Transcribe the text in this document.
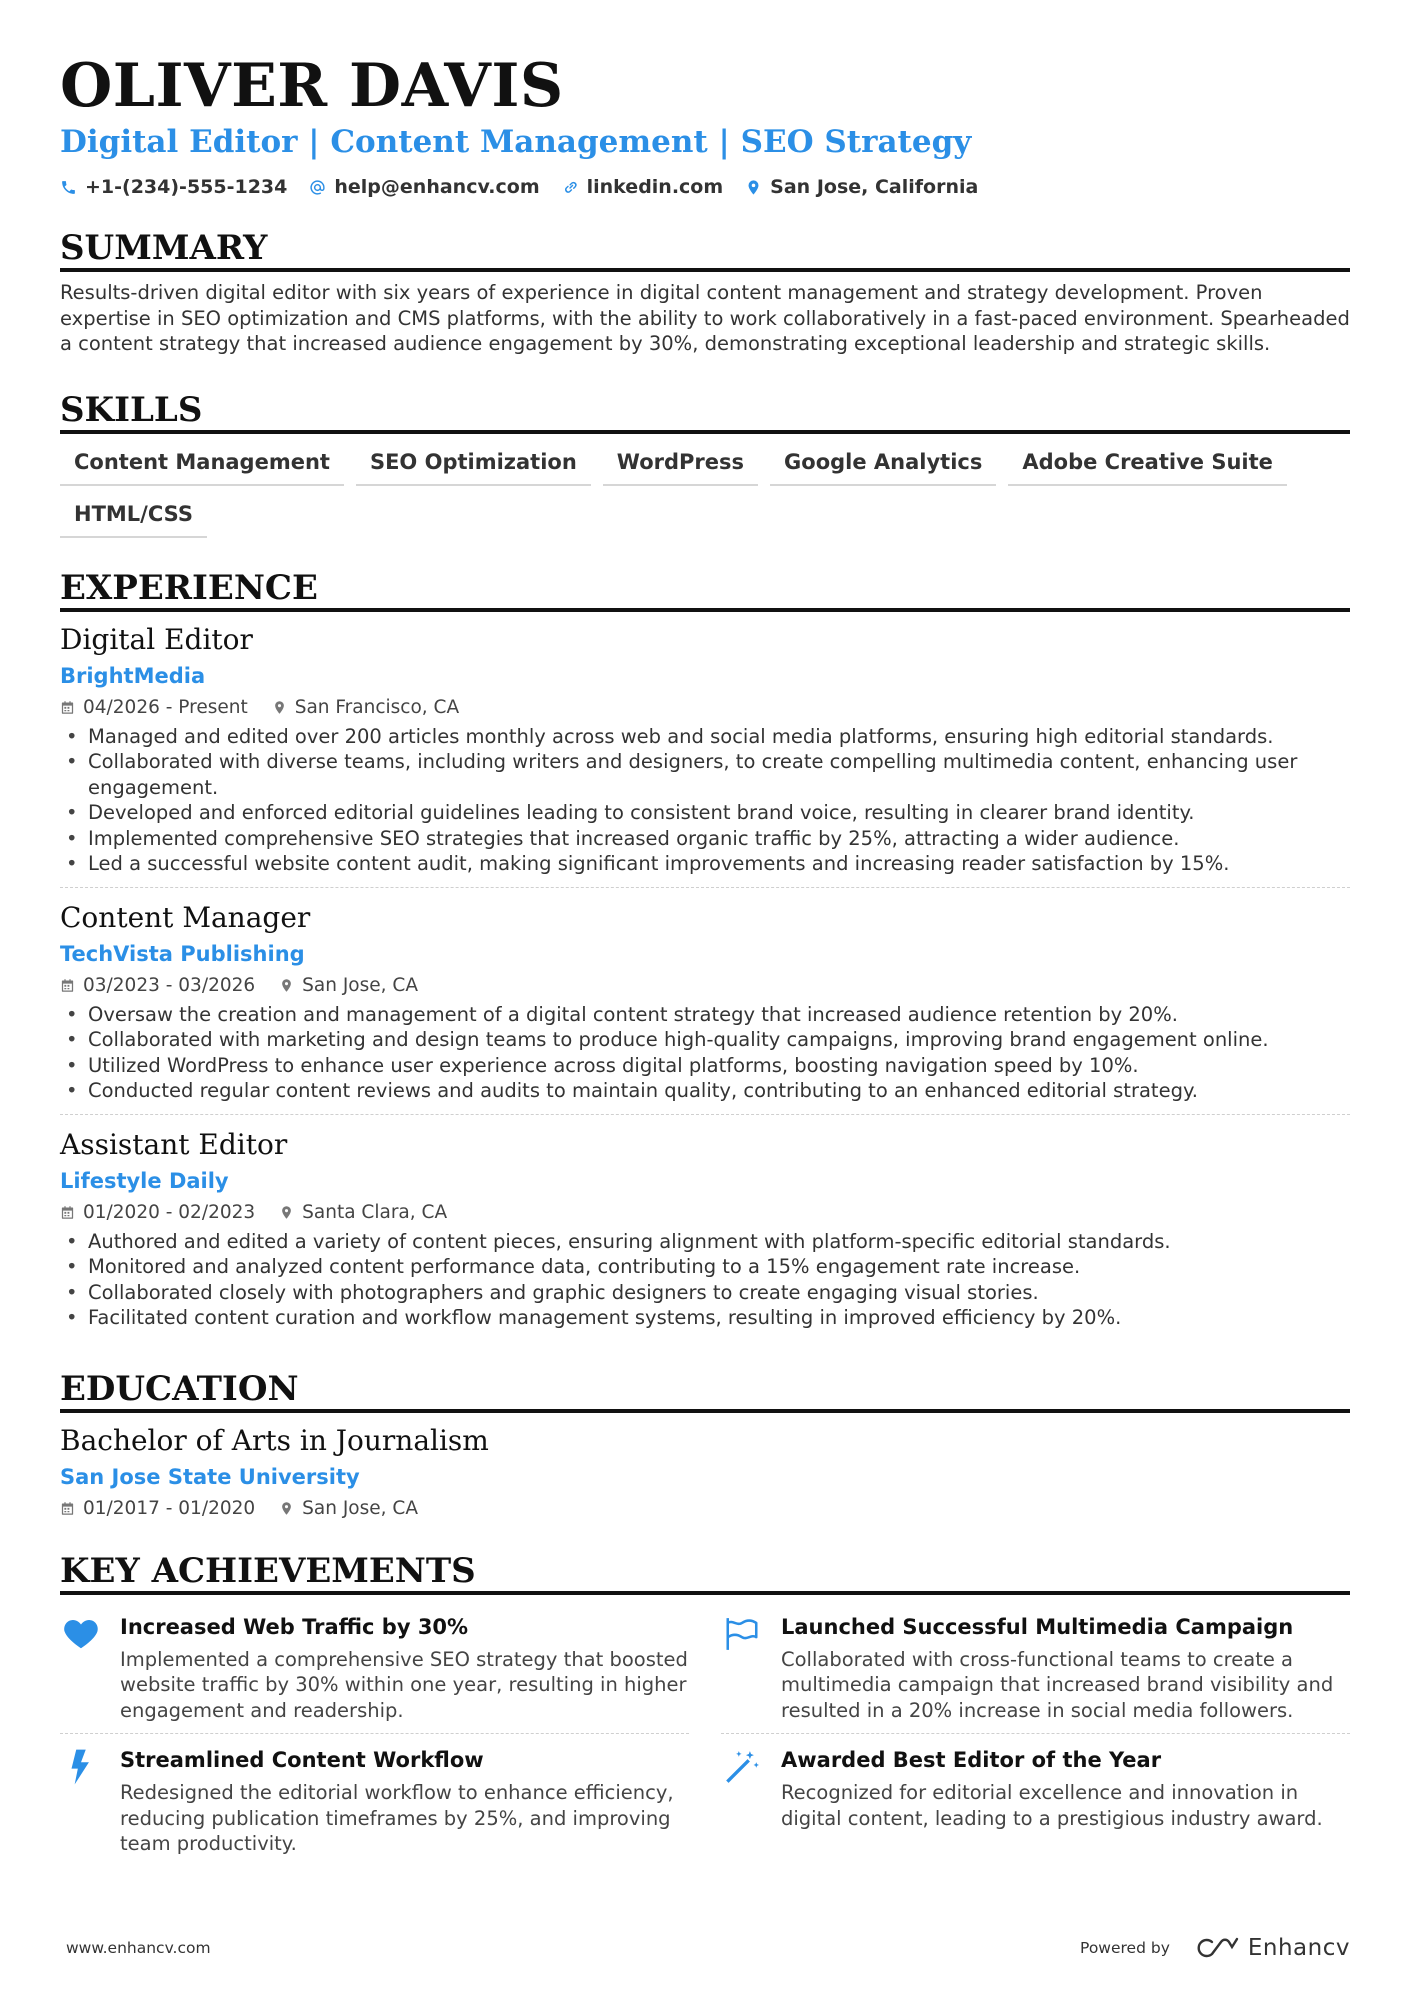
OLIVER DAVIS
Digital Editor | Content Management | SEO Strategy
+1-(234)-555-1234 help@enhancv.com linkedin.com San Jose, California
SUMMARY
Results-driven digital editor with six years of experience in digital content management and strategy development. Proven expertise in SEO optimization and CMS platforms, with the ability to work collaboratively in a fast-paced environment. Spearheaded a content strategy that increased audience engagement by 30%, demonstrating exceptional leadership and strategic skills.
SKILLS
Content Management	SEO Optimization	WordPress	Google Analytics	Adobe Creative Suite
HTML/CSS
EXPERIENCE
Digital Editor
BrightMedia
04/2026 - Present	San Francisco, CA
• Managed and edited over 200 articles monthly across web and social media platforms, ensuring high editorial standards.
• Collaborated with diverse teams, including writers and designers, to create compelling multimedia content, enhancing user engagement.
• Developed and enforced editorial guidelines leading to consistent brand voice, resulting in clearer brand identity.
• Implemented comprehensive SEO strategies that increased organic traffic by 25%, attracting a wider audience.
• Led a successful website content audit, making significant improvements and increasing reader satisfaction by 15%.
Content Manager
TechVista Publishing
03/2023 - 03/2026	San Jose, CA
• Oversaw the creation and management of a digital content strategy that increased audience retention by 20%.
• Collaborated with marketing and design teams to produce high-quality campaigns, improving brand engagement online.
• Utilized WordPress to enhance user experience across digital platforms, boosting navigation speed by 10%.
• Conducted regular content reviews and audits to maintain quality, contributing to an enhanced editorial strategy.
Assistant Editor
Lifestyle Daily
01/2020 - 02/2023	Santa Clara, CA
• Authored and edited a variety of content pieces, ensuring alignment with platform-specific editorial standards.
• Monitored and analyzed content performance data, contributing to a 15% engagement rate increase.
• Collaborated closely with photographers and graphic designers to create engaging visual stories.
• Facilitated content curation and workflow management systems, resulting in improved efficiency by 20%.
EDUCATION
Bachelor of Arts in Journalism
San Jose State University
01/2017 - 01/2020	San Jose, CA
KEY ACHIEVEMENTS
Increased Web Traffic by 30%
Implemented a comprehensive SEO strategy that boosted website traffic by 30% within one year, resulting in higher engagement and readership.
Launched Successful Multimedia Campaign
Collaborated with cross-functional teams to create a multimedia campaign that increased brand visibility and resulted in a 20% increase in social media followers.
Streamlined Content Workflow
Redesigned the editorial workflow to enhance efficiency, reducing publication timeframes by 25%, and improving team productivity.
Awarded Best Editor of the Year
Recognized for editorial excellence and innovation in digital content, leading to a prestigious industry award.
www.enhancv.com	Powered by	Enhancv
